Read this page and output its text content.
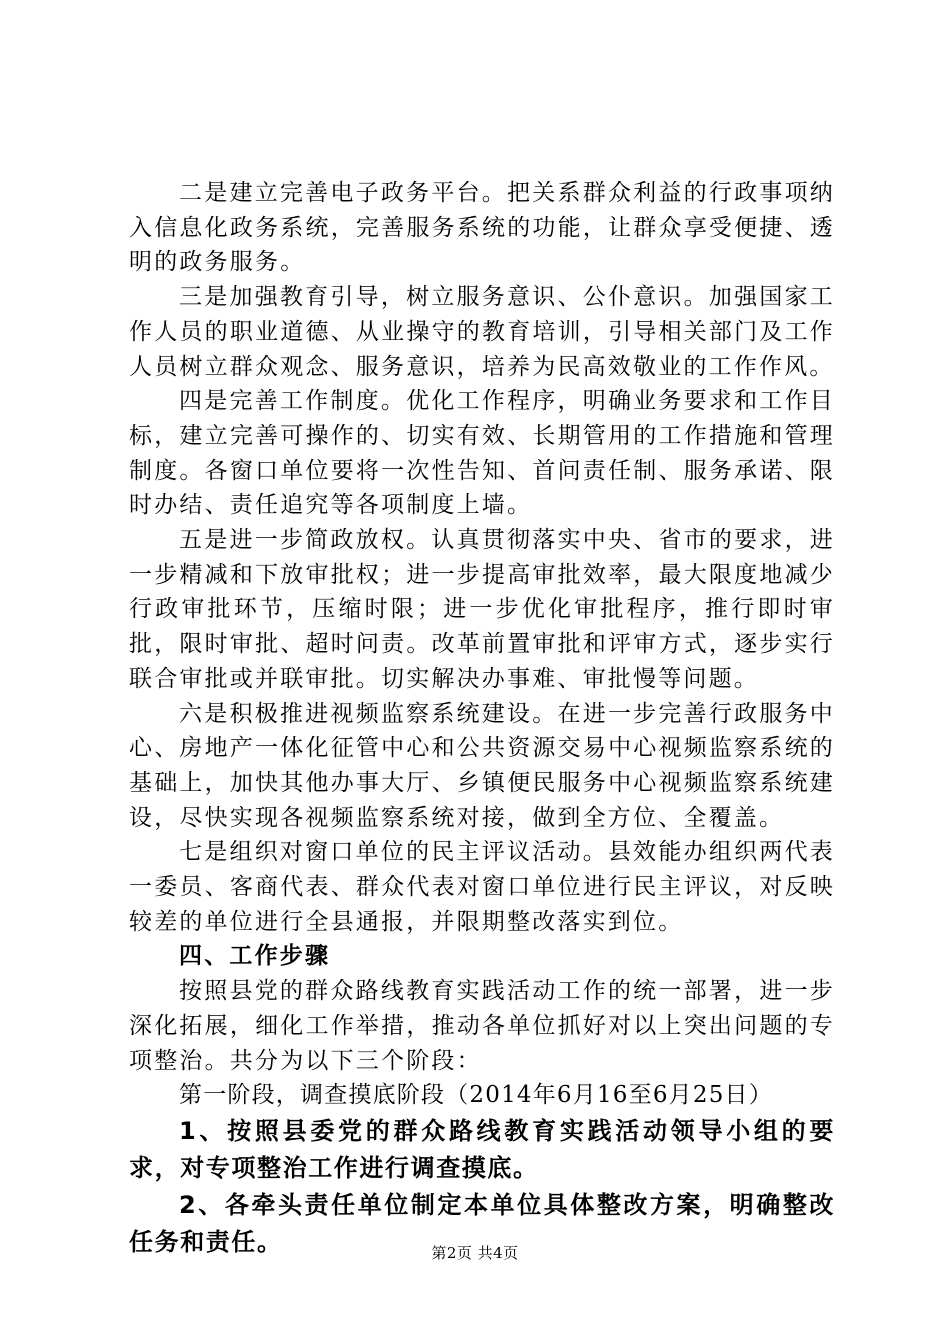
二是建立完善电子政务平台。把关系群众利益的行政事项纳入信息化政务系统，完善服务系统的功能，让群众享受便捷、透明的政务服务。

三是加强教育引导，树立服务意识、公仆意识。加强国家工作人员的职业道德、从业操守的教育培训，引导相关部门及工作人员树立群众观念、服务意识，培养为民高效敬业的工作作风。

四是完善工作制度。优化工作程序，明确业务要求和工作目标，建立完善可操作的、切实有效、长期管用的工作措施和管理制度。各窗口单位要将一次性告知、首问责任制、服务承诺、限时办结、责任追究等各项制度上墙。

五是进一步简政放权。认真贯彻落实中央、省市的要求，进一步精减和下放审批权；进一步提高审批效率，最大限度地减少行政审批环节，压缩时限；进一步优化审批程序，推行即时审批，限时审批、超时问责。改革前置审批和评审方式，逐步实行联合审批或并联审批。切实解决办事难、审批慢等问题。

六是积极推进视频监察系统建设。在进一步完善行政服务中心、房地产一体化征管中心和公共资源交易中心视频监察系统的基础上，加快其他办事大厅、乡镇便民服务中心视频监察系统建设，尽快实现各视频监察系统对接，做到全方位、全覆盖。

七是组织对窗口单位的民主评议活动。县效能办组织两代表一委员、客商代表、群众代表对窗口单位进行民主评议，对反映较差的单位进行全县通报，并限期整改落实到位。

四、工作步骤

按照县党的群众路线教育实践活动工作的统一部署，进一步深化拓展，细化工作举措，推动各单位抓好对以上突出问题的专项整治。共分为以下三个阶段：

第一阶段，调查摸底阶段（2014年6月16至6月25日）

1、按照县委党的群众路线教育实践活动领导小组的要求，对专项整治工作进行调查摸底。

2、各牵头责任单位制定本单位具体整改方案，明确整改任务和责任。	第2页 共4页
